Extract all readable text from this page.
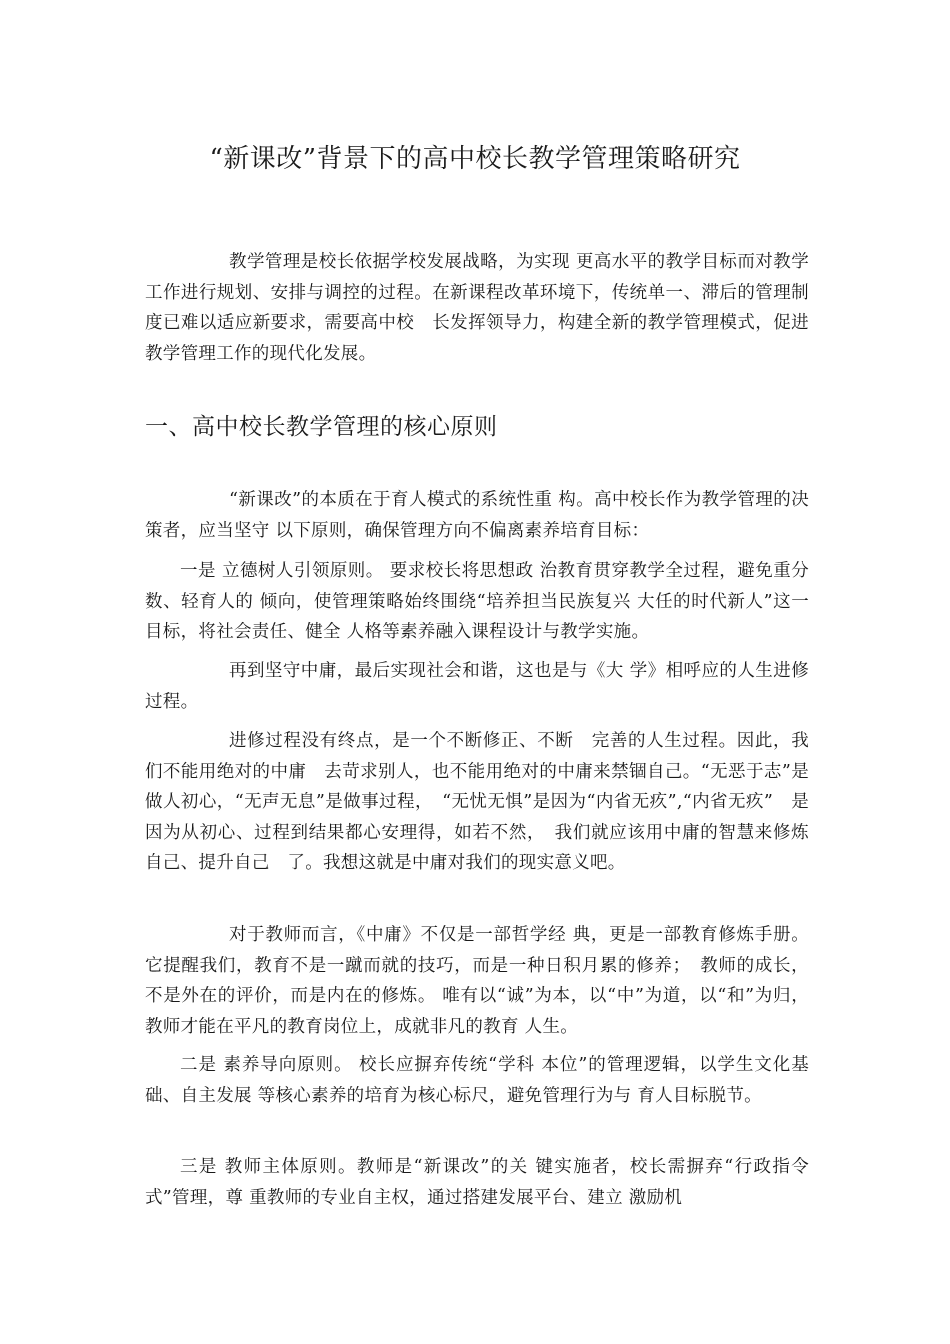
“新课改”背景下的高中校长教学管理策略研究

教学管理是校长依据学校发展战略，为实现 更高水平的教学目标而对教学工作进行规划、安排与调控的过程。在新课程改革环境下，传统单一、滞后的管理制度已难以适应新要求，需要高中校　长发挥领导力，构建全新的教学管理模式，促进教学管理工作的现代化发展。

一、高中校长教学管理的核心原则

“新课改”的本质在于育人模式的系统性重 构。高中校长作为教学管理的决策者，应当坚守 以下原则，确保管理方向不偏离素养培育目标：

一是 立德树人引领原则。 要求校长将思想政 治教育贯穿教学全过程，避免重分数、轻育人的 倾向，使管理策略始终围绕“培养担当民族复兴 大任的时代新人”这一目标，将社会责任、健全 人格等素养融入课程设计与教学实施。

再到坚守中庸，最后实现社会和谐，这也是与《大 学》相呼应的人生进修过程。

进修过程没有终点，是一个不断修正、不断　完善的人生过程。因此，我们不能用绝对的中庸　去苛求别人，也不能用绝对的中庸来禁锢自己。“无恶于志”是做人初心，“无声无息”是做事过程，　“无忧无惧”是因为“内省无疚”,“内省无疚”　是因为从初心、过程到结果都心安理得，如若不然，　我们就应该用中庸的智慧来修炼自己、提升自己　了。我想这就是中庸对我们的现实意义吧。

对于教师而言，《中庸》不仅是一部哲学经 典，更是一部教育修炼手册。它提醒我们，教育不是一蹴而就的技巧，而是一种日积月累的修养；　教师的成长，不是外在的评价，而是内在的修炼。 唯有以“诚”为本，以“中”为道，以“和”为归， 教师才能在平凡的教育岗位上，成就非凡的教育 人生。

二是 素养导向原则。 校长应摒弃传统“学科 本位”的管理逻辑，以学生文化基础、自主发展 等核心素养的培育为核心标尺，避免管理行为与 育人目标脱节。

三是 教师主体原则。教师是“新课改”的关 键实施者，校长需摒弃“行政指令式”管理，尊 重教师的专业自主权，通过搭建发展平台、建立 激励机
